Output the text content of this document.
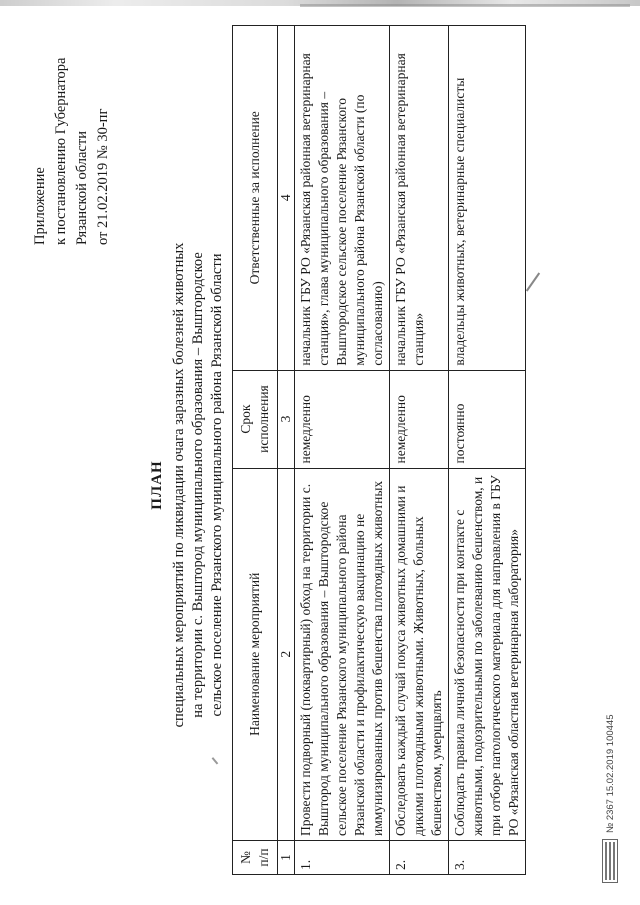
Приложение к постановлению Губернатора Рязанской области от 21.02.2019 № 30-пг
ПЛАН специальных мероприятий по ликвидации очага заразных болезней животных на территории с. Выштород муниципального образования – Выштородское сельское поселение Рязанского муниципального района Рязанской области
№ п/п	Наименование мероприятий	Срок исполнения	Ответственные за исполнение
1	2	3	4
1.	Провести подворный (поквартирный) обход на территории с. Выштород муниципального образования – Выштородское сельское поселение Рязанского муниципального района Рязанской области и профилактическую вакцинацию не иммунизированных против бешенства плотоядных животных	немедленно	начальник ГБУ РО «Рязанская районная ветеринарная станция», глава муниципального образования – Выштородское сельское поселение Рязанского муниципального района Рязанской области (по согласованию)
2.	Обследовать каждый случай покуса животных домашними и дикими плотоядными животными. Животных, больных бешенством, умерщвлять	немедленно	начальник ГБУ РО «Рязанская районная ветеринарная станция»
3.	Соблюдать правила личной безопасности при контакте с животными, подозрительными по заболеванию бешенством, и при отборе патологического материала для направления в ГБУ РО «Рязанская областная ветеринарная лаборатория»	постоянно	владельцы животных, ветеринарные специалисты
№ 2367 15.02.2019 100445
